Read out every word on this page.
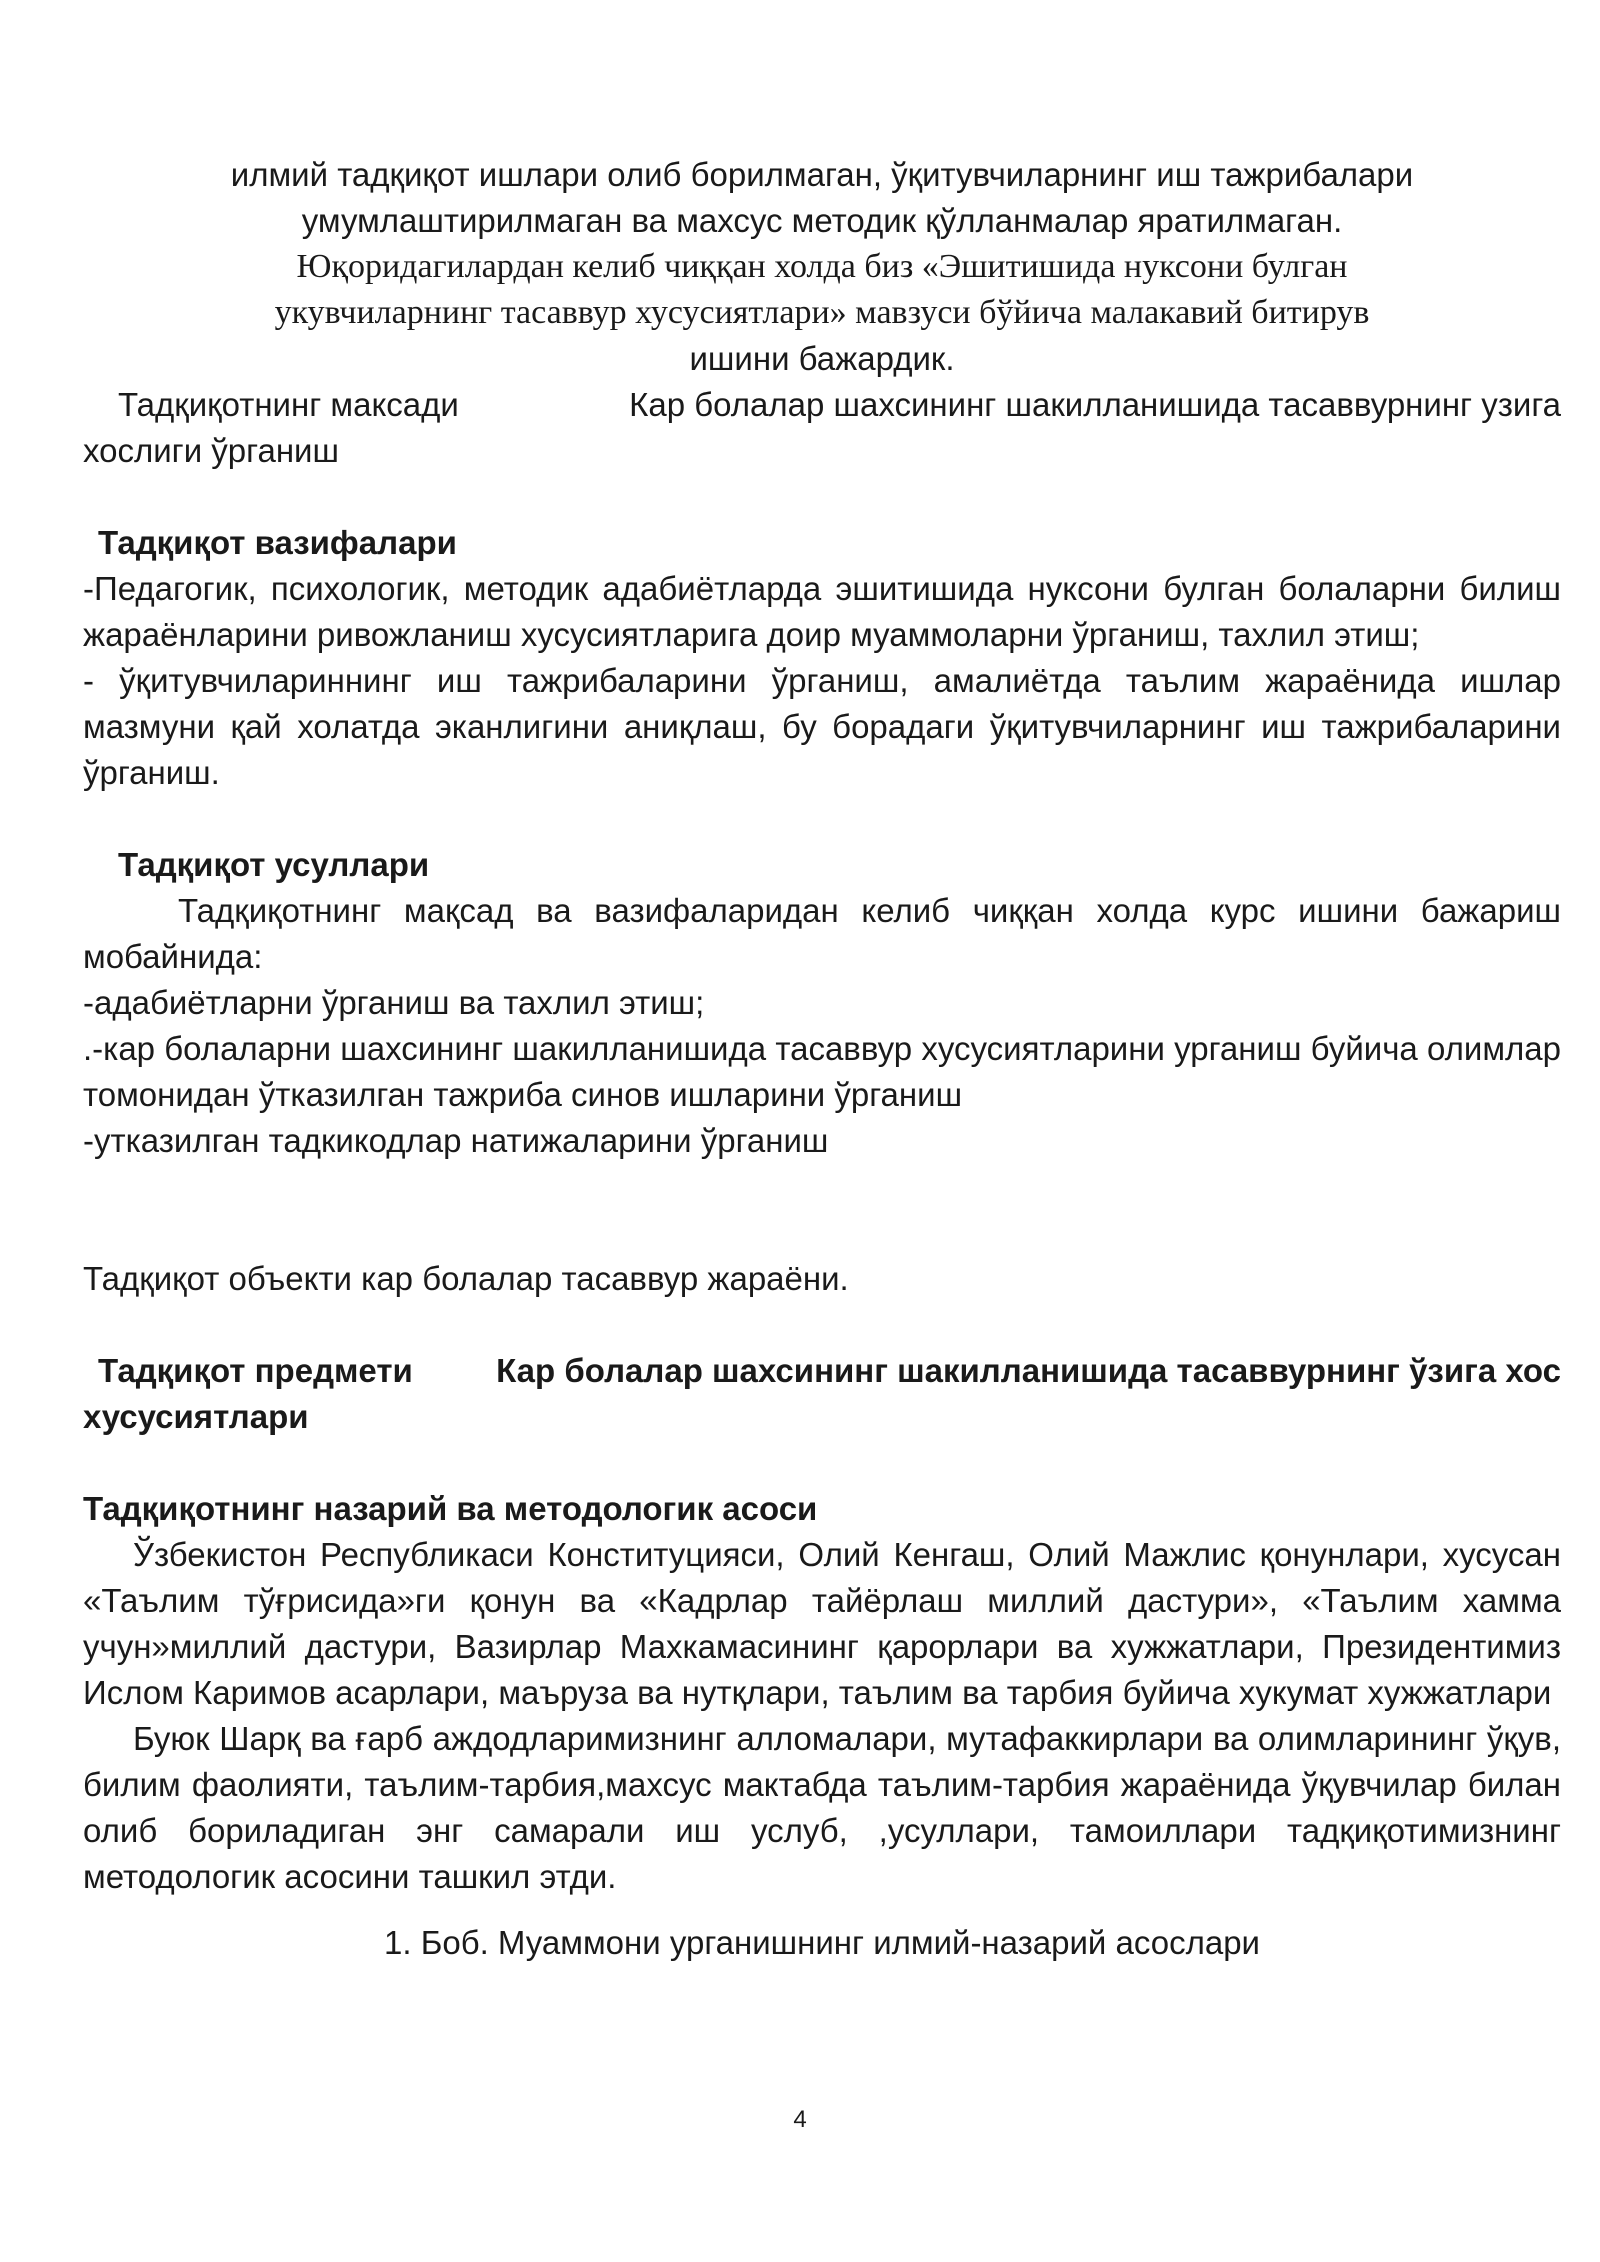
илмий тадқиқот ишлари олиб борилмаган, ўқитувчиларнинг иш тажрибалари

умумлаштирилмаган ва махсус методик қўлланмалар яратилмаган.

Юқоридагилардан келиб чиққан холда биз «Эшитишида нуксони булган

укувчиларнинг тасаввур хусусиятлари» мавзуси бўйича малакавий битирув

ишини бажардик.

Тадқиқотнинг максади	Кар болалар шахсининг шакилланишида тасаввурнинг узига

хослиги ўрганиш

Тадқиқот вазифалари

-Педагогик, психологик, методик адабиётларда эшитишида нуксони булган болаларни билиш жараёнларини ривожланиш хусусиятларига доир муаммоларни ўрганиш, тахлил этиш;

- ўқитувчилариннинг иш тажрибаларини ўрганиш, амалиётда таълим жараёнида ишлар мазмуни қай холатда эканлигини аниқлаш, бу борадаги ўқитувчиларнинг иш тажрибаларини ўрганиш.

Тадқиқот усуллари

Тадқиқотнинг мақсад ва вазифаларидан келиб чиққан холда курс ишини бажариш мобайнида:

-адабиётларни ўрганиш ва тахлил этиш;

.-кар болаларни шахсининг шакилланишида тасаввур хусусиятларини урганиш буйича олимлар томонидан ўтказилган тажриба синов ишларини ўрганиш

-утказилган тадкикодлар натижаларини ўрганиш

Тадқиқот объекти кар болалар тасаввур жараёни.

Тадқиқот предмети	Кар болалар шахсининг шакилланишида тасаввурнинг ўзига хос

хусусиятлари

Тадқиқотнинг назарий ва методологик асоси

Ўзбекистон Республикаси Конституцияси, Олий Кенгаш, Олий Мажлис қонунлари, хусусан «Таълим тўғрисида»ги қонун ва «Кадрлар тайёрлаш миллий дастури», «Таълим хамма учун»миллий дастури, Вазирлар Махкамасининг қарорлари ва хужжатлари, Президентимиз Ислом Каримов асарлари, маърузa ва нутқлари, таълим ва тарбия буйича хукумат хужжатлари

Буюк Шарқ ва ғарб аждодларимизнинг алломалари, мутафаккирлари ва олимларининг ўқув, билим фаолияти, таълим-тарбия,махсус мактабда таълим-тарбия жараёнида ўқувчилар билан олиб бориладиган энг самарали иш услуб, ,усуллари, тамоиллари тадқиқотимизнинг методологик асосини ташкил этди.

1. Боб. Муаммони урганишнинг илмий-назарий асослари

4
